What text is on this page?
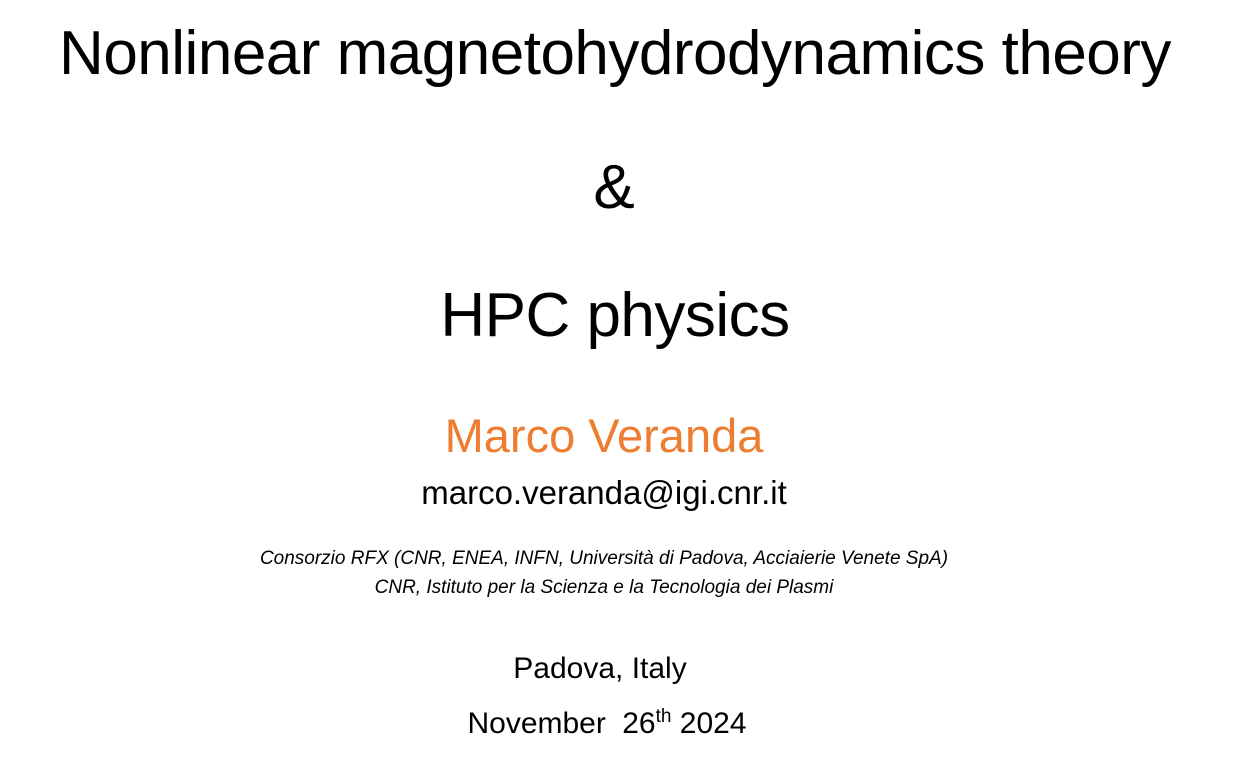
Nonlinear magnetohydrodynamics theory
&
HPC physics
Marco Veranda
marco.veranda@igi.cnr.it
Consorzio RFX (CNR, ENEA, INFN, Università di Padova, Acciaierie Venete SpA)
CNR, Istituto per la Scienza e la Tecnologia dei Plasmi
Padova, Italy
November 26th 2024
